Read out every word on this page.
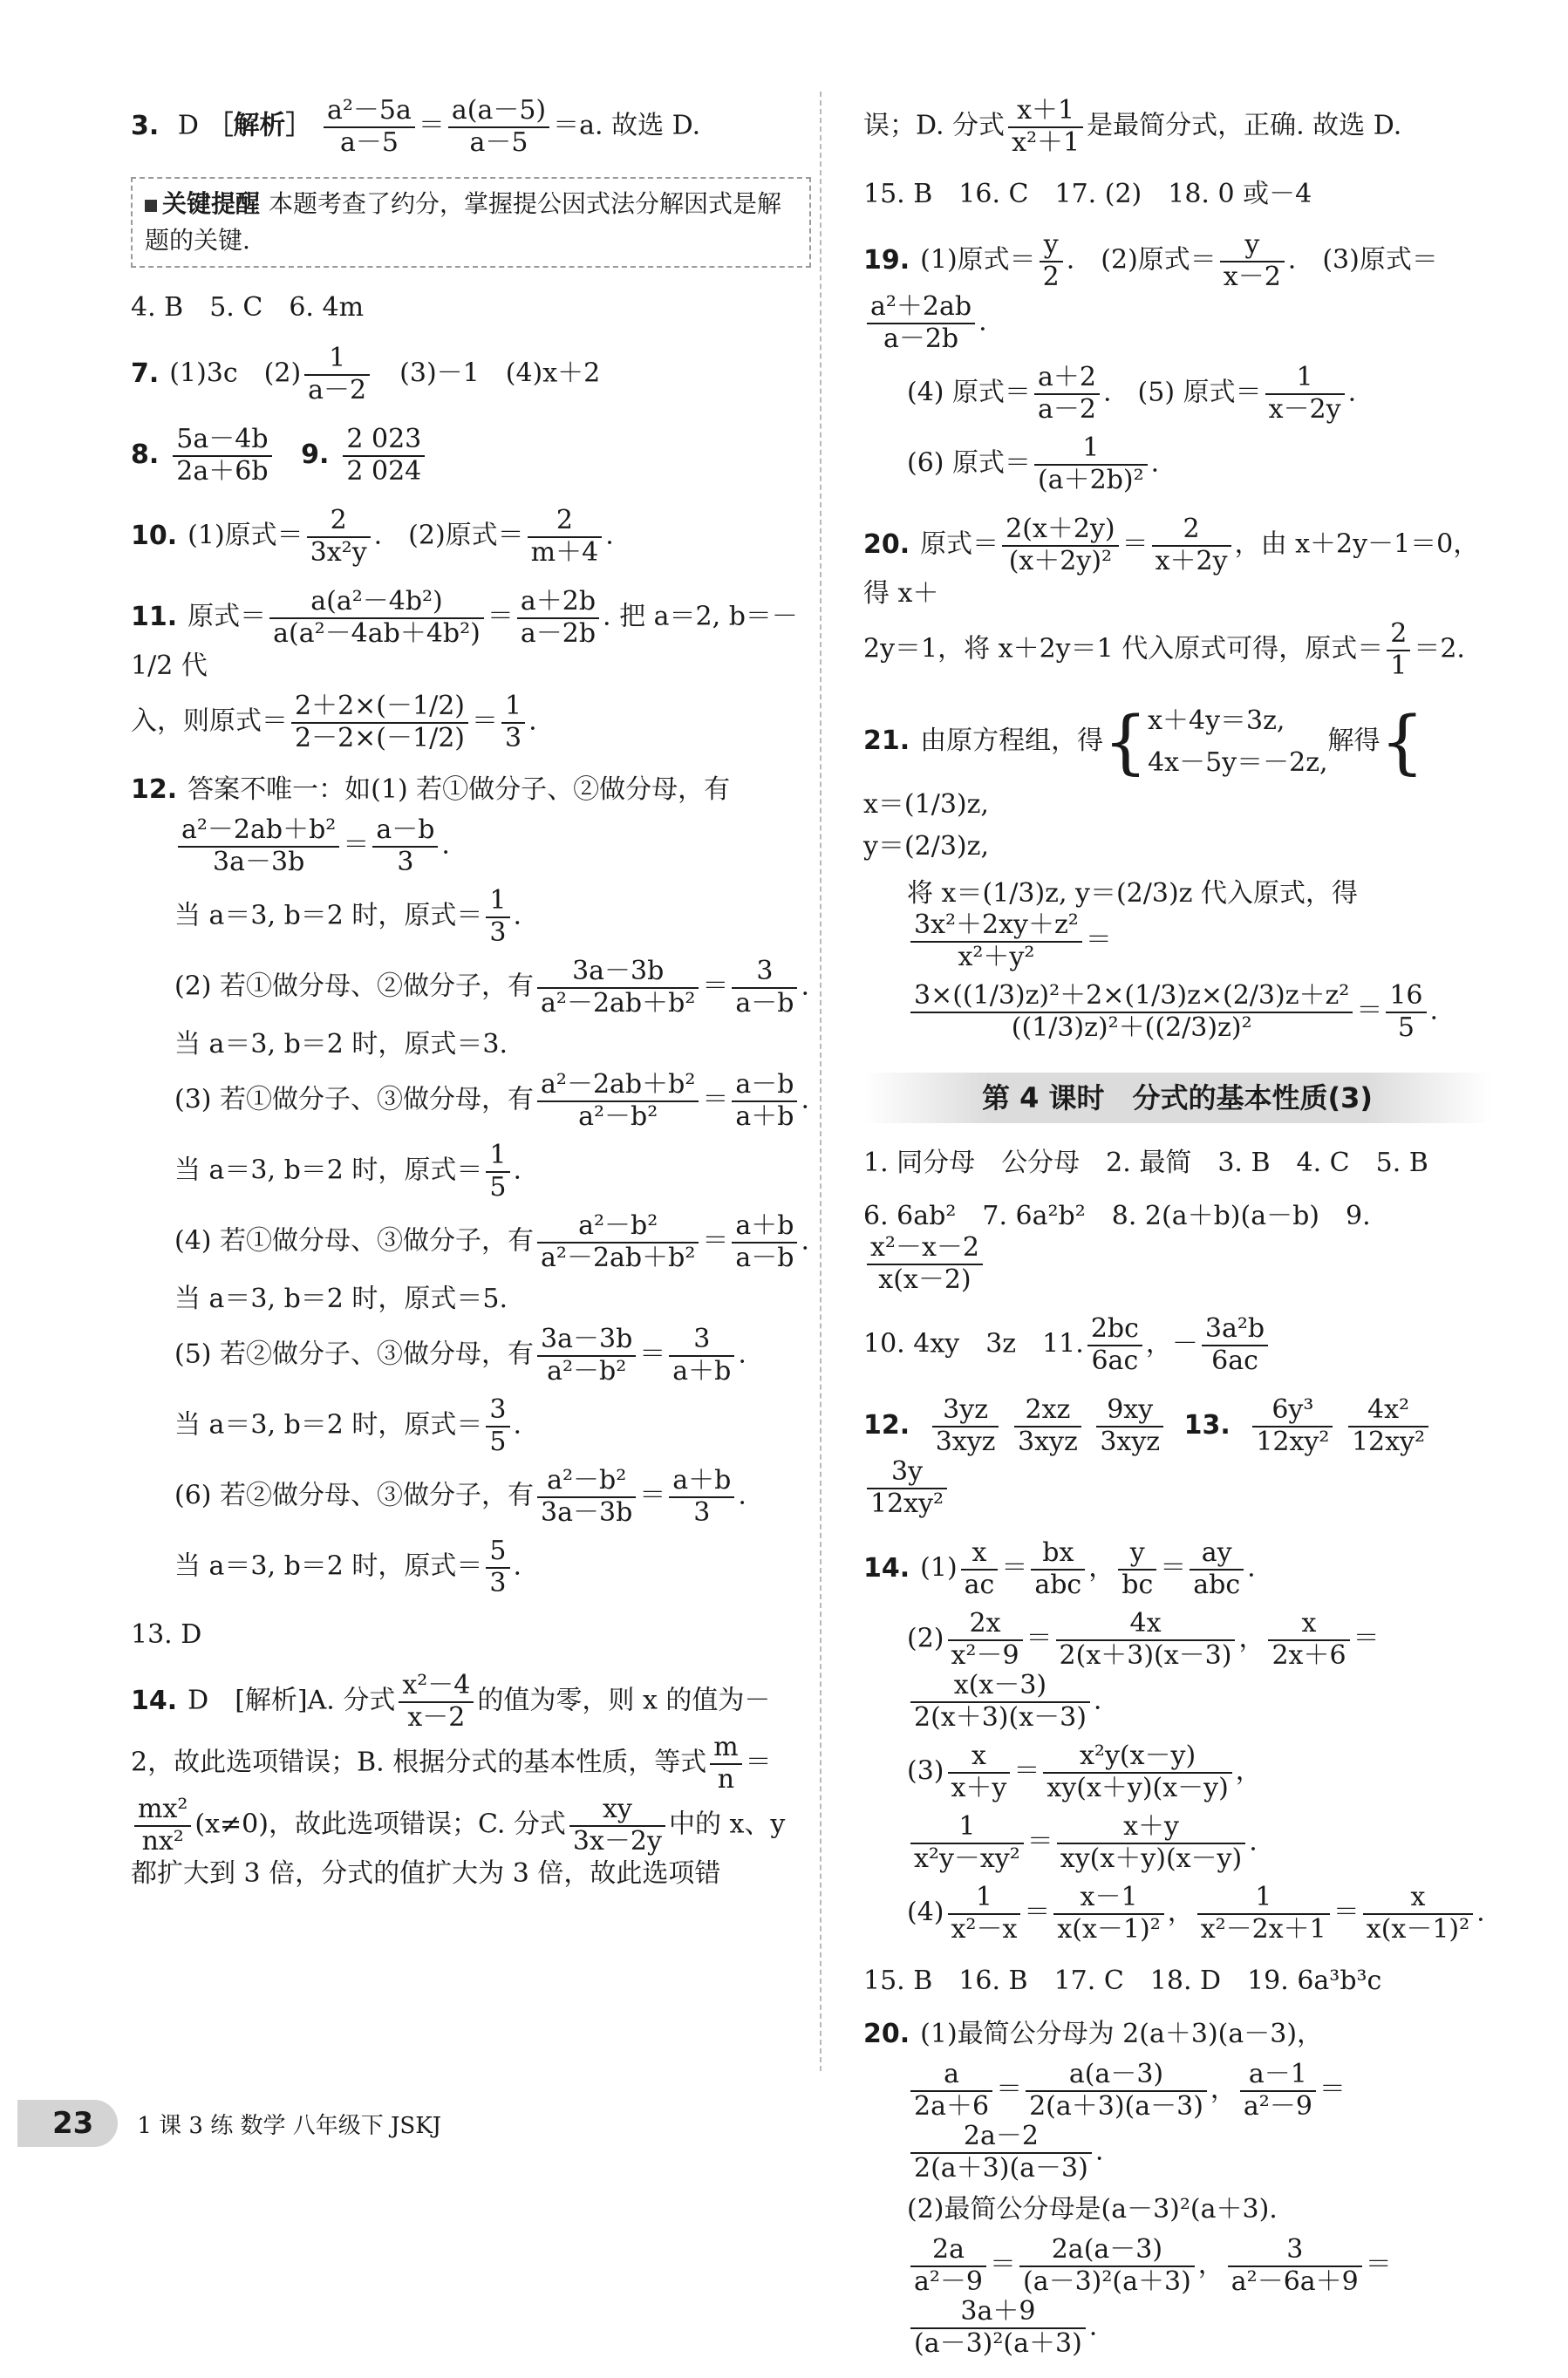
3. D ［解析］ $\frac{\text{a²－5a}}{a-5} = \frac{a(a-5)}{a-5} =a$. 故选 D.
关键提醒 本题考查了约分，掌握提公因式法分解因式是解题的关键.
4. B　5. C　6. 4m
7. (1)3c　$(2) \frac{1}{a-2}$ 　(3)－1　(4)x＋2
8. $\frac{5a-4b}{2a+6b} 9$. $\frac{2 023}{2 024}$
10. (1)原式＝ $\frac{2}{\text{3x²y}}$ .　(2)原式＝ $\frac{2}{m+4}$ .
11. 原式＝ $\frac{\text{a(a²－4b²)}}{\text{a(a²－4ab＋4b²)}} = \frac{a+2b}{a-2b}$ . 把 a＝2, b＝－1/2 代
入，则原式＝ $\frac{2+2\times(-1/2)}{2-2\times(-1/2)} = \frac{1}{3}$ .
12. 答案不唯一：如(1) 若①做分子、②做分母，有
$\frac{\text{a²－2ab＋b²}}{3a-3b} = \frac{a-b}{3}$ .
当 a＝3, b＝2 时，原式＝ $\frac{1}{3}$ .
(2) 若①做分母、②做分子，有 $\frac{3a-3b}{\text{a²－2ab＋b²}} = \frac{3}{a-b}$ .
当 a＝3, b＝2 时，原式＝3.
(3) 若①做分子、③做分母，有 $\frac{\text{a²－2ab＋b²}}{\text{a²－b²}} = \frac{a-b}{a+b}$ .
当 a＝3, b＝2 时，原式＝ $\frac{1}{5}$ .
(4) 若①做分母、③做分子，有 $\frac{\text{a²－b²}}{\text{a²－2ab＋b²}} = \frac{a+b}{a-b}$ .
当 a＝3, b＝2 时，原式＝5.
(5) 若②做分子、③做分母，有 $\frac{3a-3b}{\text{a²－b²}} = \frac{3}{a+b}$ .
当 a＝3, b＝2 时，原式＝ $\frac{3}{5}$ .
(6) 若②做分母、③做分子，有 $\frac{\text{a²－b²}}{3a-3b} = \frac{a+b}{3}$ .
当 a＝3, b＝2 时，原式＝ $\frac{5}{3}$ .
13. D
14. D　[解析]A. 分式 $\frac{\text{x²－4}}{x-2}$ 的值为零，则 x 的值为－2，故此选项错误；B. 根据分式的基本性质，等式 $\frac{m}{n}$ ＝
$\frac{\text{mx²}}{\text{nx²}} (x\ne 0)$，故此选项错误；C. 分式 $\frac{xy}{3x-2y}$ 中的 x、y 都扩大到 3 倍，分式的值扩大为 3 倍，故此选项错
误；D. 分式 $\frac{x+1}{\text{x²＋1}}$ 是最简分式，正确. 故选 D.
15. B　16. C　17. (2)　18. 0 或－4
19. (1)原式＝ $\frac{y}{2}$ .　(2)原式＝ $\frac{y}{x-2}$ .　(3)原式＝
$\frac{\text{a²＋2ab}}{a-2b}$ .
(4) 原式＝ $\frac{a+2}{a-2}$ .　(5) 原式＝ $\frac{1}{x-2y}$ .
(6) 原式＝ $\frac{1}{\text{(a＋2b)²}}$ .
20. 原式＝ $\frac{2(x+2y)}{\text{(x＋2y)²}} = \frac{2}{x+2y}$ ，由 x＋2y－1＝0，得 x＋
2y＝1，将 x＋2y＝1 代入原式可得，原式＝ $\frac{2}{1} =2$.
21. 由原方程组，得{x＋4y＝3z,
4x－5y＝－2z,解得{x＝(1/3)z,
y＝(2/3)z,
将 x＝(1/3)z, y＝(2/3)z 代入原式，得
$\frac{\text{3x²＋2xy＋z²}}{\text{x²＋y²}}$ ＝
$\frac{\text{3×((1/3)z)²＋2×(1/3)z×(2/3)z＋z²}}{\text{((1/3)z)²＋((2/3)z)²}} = \frac{16}{5}$ .
第 4 课时　分式的基本性质(3)
1. 同分母　公分母　2. 最简　3. B　4. C　5. B
6. 6ab²　7. 6a²b²　8. 2(a＋b)(a－b)　9.
$\frac{\text{x²－x－2}}{x(x-2)}$
10. 4xy　3z　11. $\frac{2bc}{6ac}$ ，－ $\frac{\text{3a²b}}{6ac}$
12. $\frac{3yz}{\text{3xyz}}$
$\frac{2xz}{\text{3xyz}}$
$\frac{9xy}{\text{3xyz}} 13$. $\frac{\text{6y³}}{\text{12xy²}}$
$\frac{\text{4x²}}{\text{12xy²}}$

$\frac{3y}{\text{12xy²}}$
14. $(1) \frac{x}{ac} = \frac{bx}{\text{abc}}$ ， $\frac{y}{bc} = \frac{ay}{\text{abc}}$ .
$(2) \frac{2x}{\text{x²－9}} = \frac{4x}{2(x+3)(x-3)}$ ， $\frac{x}{2x+6}$ ＝
$\frac{x(x-3)}{2(x+3)(x-3)}$ .
$(3) \frac{x}{x+y} = \frac{\text{x²y(x－y)}}{xy(x+y)(x-y)}$ ，
$\frac{1}{\text{x²y－xy²}} = \frac{x+y}{xy(x+y)(x-y)}$ .
$(4) \frac{1}{\text{x²－x}} = \frac{x-1}{\text{x(x－1)²}}$ ， $\frac{1}{\text{x²－2x＋1}} = \frac{x}{\text{x(x－1)²}}$ .
15. B　16. B　17. C　18. D　19. 6a³b³c
20. (1)最简公分母为 2(a＋3)(a－3)，
$\frac{a}{2a+6} = \frac{a(a-3)}{2(a+3)(a-3)}$ ， $\frac{a-1}{\text{a²－9}}$ ＝
$\frac{2a-2}{2(a+3)(a-3)}$ .
(2)最简公分母是(a－3)²(a＋3).
$\frac{2a}{\text{a²－9}} = \frac{2a(a-3)}{\text{(a－3)²(a＋3)}}$ ， $\frac{3}{\text{a²－6a＋9}}$ ＝
$\frac{3a+9}{\text{(a－3)²(a＋3)}}$ .
23	1 课 3 练 数学 八年级下 JSKJ
